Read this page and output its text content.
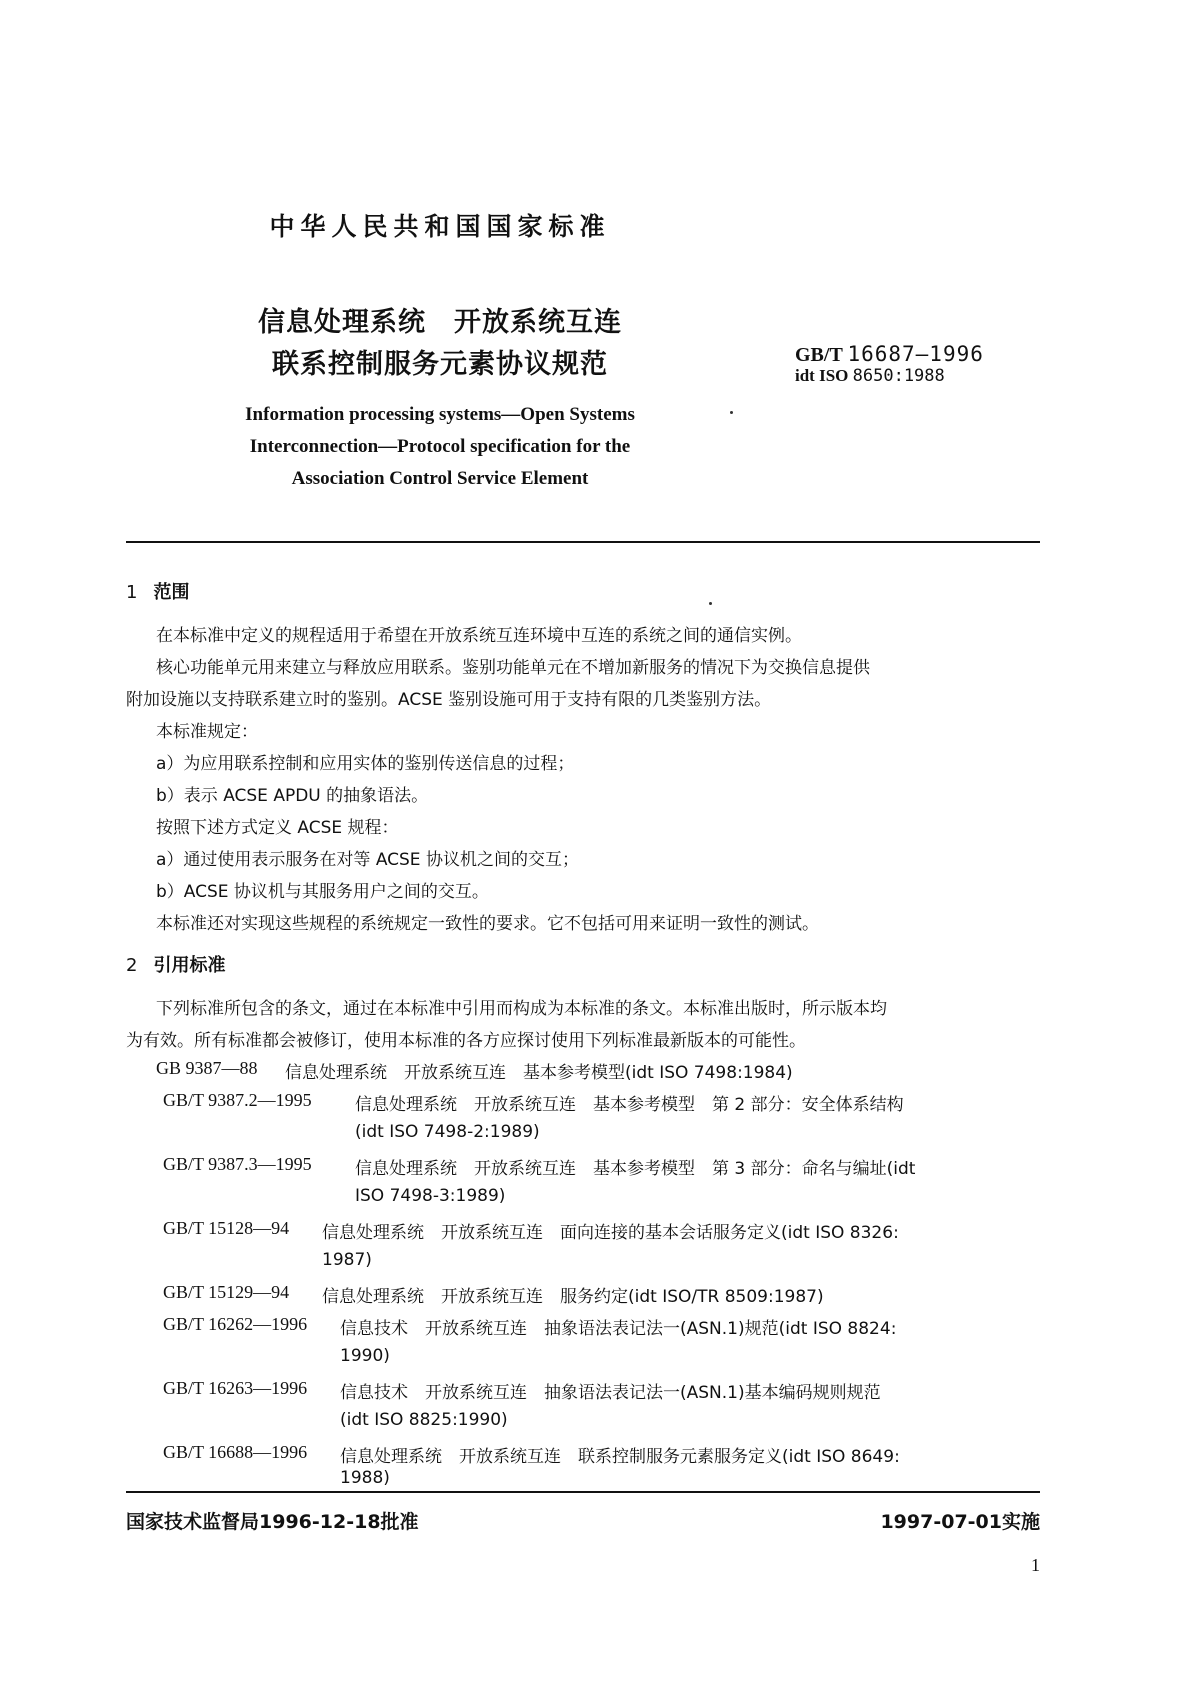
中华人民共和国国家标准
信息处理系统　开放系统互连
联系控制服务元素协议规范	GB/T 16687—1996
idt ISO 8650:1988
Information processing systems—Open Systems
Interconnection—Protocol specification for the
Association Control Service Element
1 范围
在本标准中定义的规程适用于希望在开放系统互连环境中互连的系统之间的通信实例。
核心功能单元用来建立与释放应用联系。鉴别功能单元在不增加新服务的情况下为交换信息提供
附加设施以支持联系建立时的鉴别。ACSE 鉴别设施可用于支持有限的几类鉴别方法。
本标准规定：
a）为应用联系控制和应用实体的鉴别传送信息的过程；
b）表示 ACSE APDU 的抽象语法。
按照下述方式定义 ACSE 规程：
a）通过使用表示服务在对等 ACSE 协议机之间的交互；
b）ACSE 协议机与其服务用户之间的交互。
本标准还对实现这些规程的系统规定一致性的要求。它不包括可用来证明一致性的测试。
2 引用标准
下列标准所包含的条文，通过在本标准中引用而构成为本标准的条文。本标准出版时，所示版本均
为有效。所有标准都会被修订，使用本标准的各方应探讨使用下列标准最新版本的可能性。
GB 9387—88 信息处理系统　开放系统互连　基本参考模型(idt ISO 7498:1984)
GB/T 9387.2—1995	信息处理系统　开放系统互连　基本参考模型　第 2 部分：安全体系结构
(idt ISO 7498-2:1989)
GB/T 9387.3—1995	信息处理系统　开放系统互连　基本参考模型　第 3 部分：命名与编址(idt
ISO 7498-3:1989)
GB/T 15128—94 信息处理系统　开放系统互连　面向连接的基本会话服务定义(idt ISO 8326:
1987)
GB/T 15129—94 信息处理系统　开放系统互连　服务约定(idt ISO/TR 8509:1987)
GB/T 16262—1996 信息技术　开放系统互连　抽象语法表记法一(ASN.1)规范(idt ISO 8824:
1990)
GB/T 16263—1996 信息技术　开放系统互连　抽象语法表记法一(ASN.1)基本编码规则规范
(idt ISO 8825:1990)
GB/T 16688—1996 信息处理系统　开放系统互连　联系控制服务元素服务定义(idt ISO 8649:
1988)
国家技术监督局1996-12-18批准	1997-07-01实施
1
